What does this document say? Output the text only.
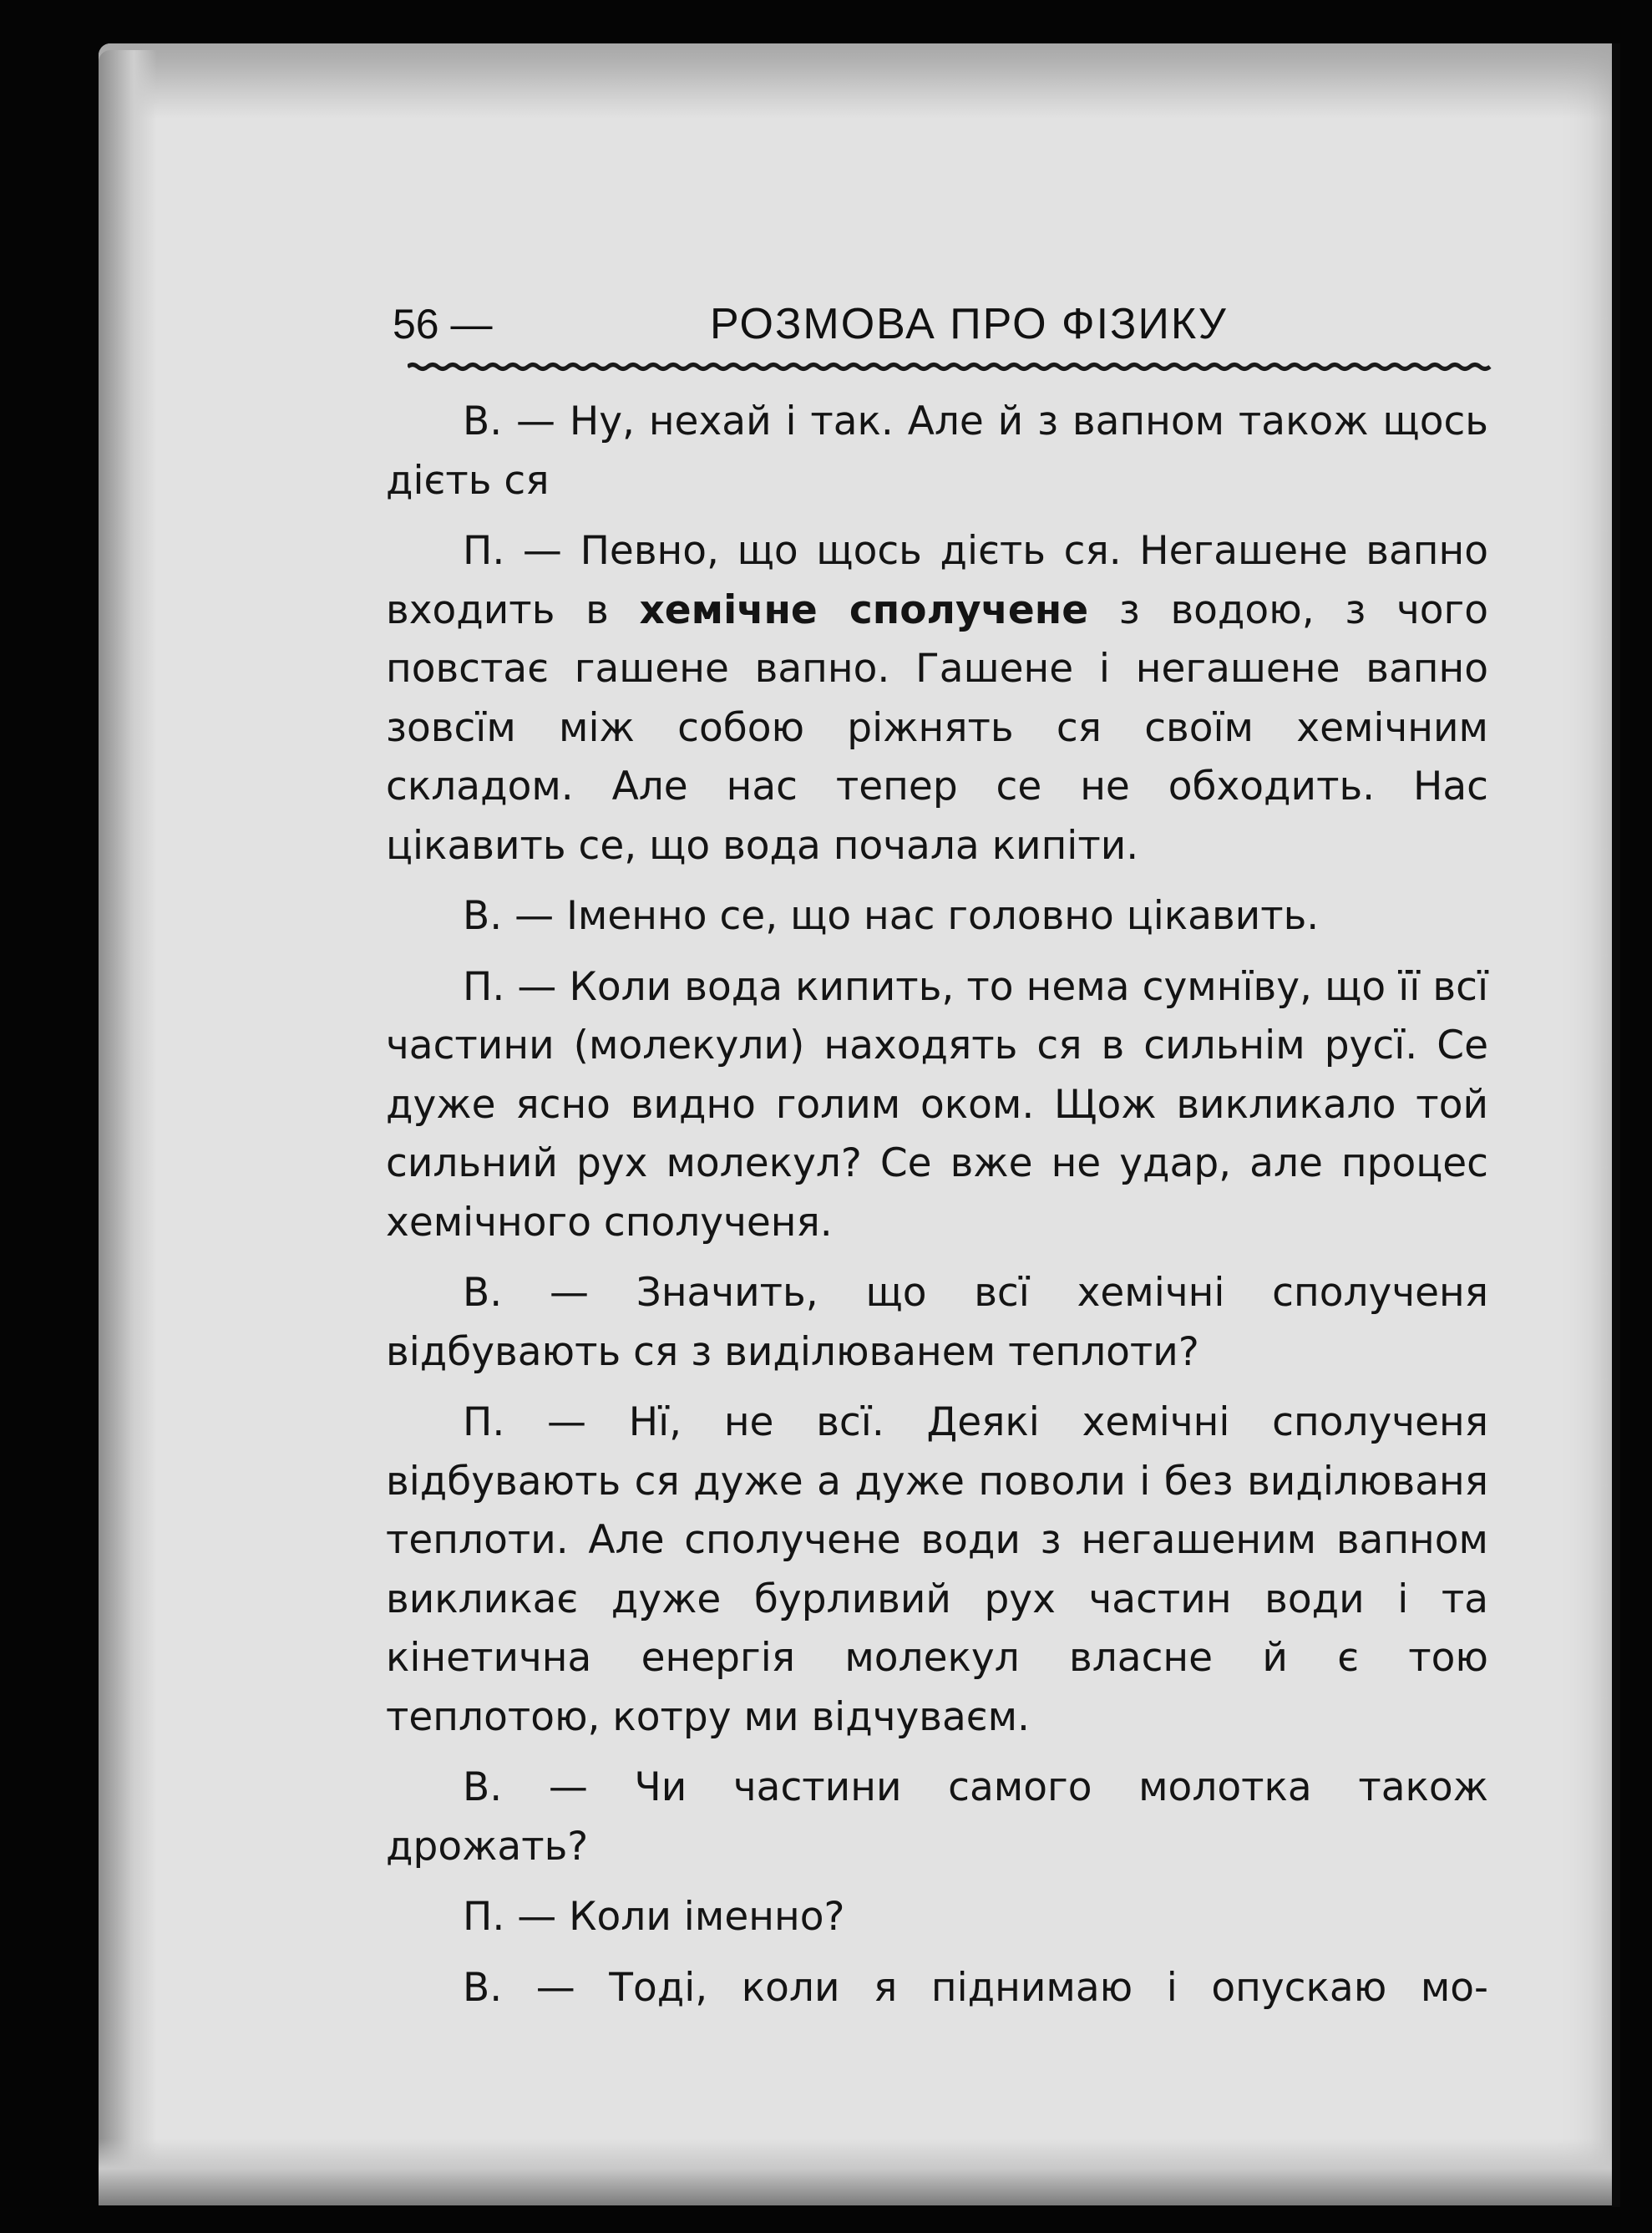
56 —	РОЗМОВА ПРО ФІЗИКУ

В. — Ну, нехай і так. Але й з вапном також щось дієть ся

П. — Певно, що щось дієть ся. Негашене вапно входить в хемічне сполучене з водою, з чого повстає гашене вапно. Гашене і негашене вапно зовсїм між собою ріжнять ся своїм хемічним складом. Але нас тепер се не обходить. Нас цікавить се, що вода почала кипіти.

В. — Іменно се, що нас головно цікавить.

П. — Коли вода кипить, то нема сумнїву, що її всї частини (молекули) находять ся в сильнім русї. Се дуже ясно видно голим оком. Щож викликало той сильний рух молекул? Се вже не удар, але процес хемічного сполученя.

В. — Значить, що всї хемічні сполученя відбувають ся з виділюванем теплоти?

П. — Нї, не всї. Деякі хемічні сполученя відбувають ся дуже а дуже поволи і без виділюваня теплоти. Але сполучене води з негашеним вапном викликає дуже бурливий рух частин води і та кінетична енергія молекул власне й є тою теплотою, котру ми відчуваєм.

В. — Чи частини самого молотка також дрожать?

П. — Коли іменно?

В. — Тоді, коли я піднимаю і опускаю мо-
